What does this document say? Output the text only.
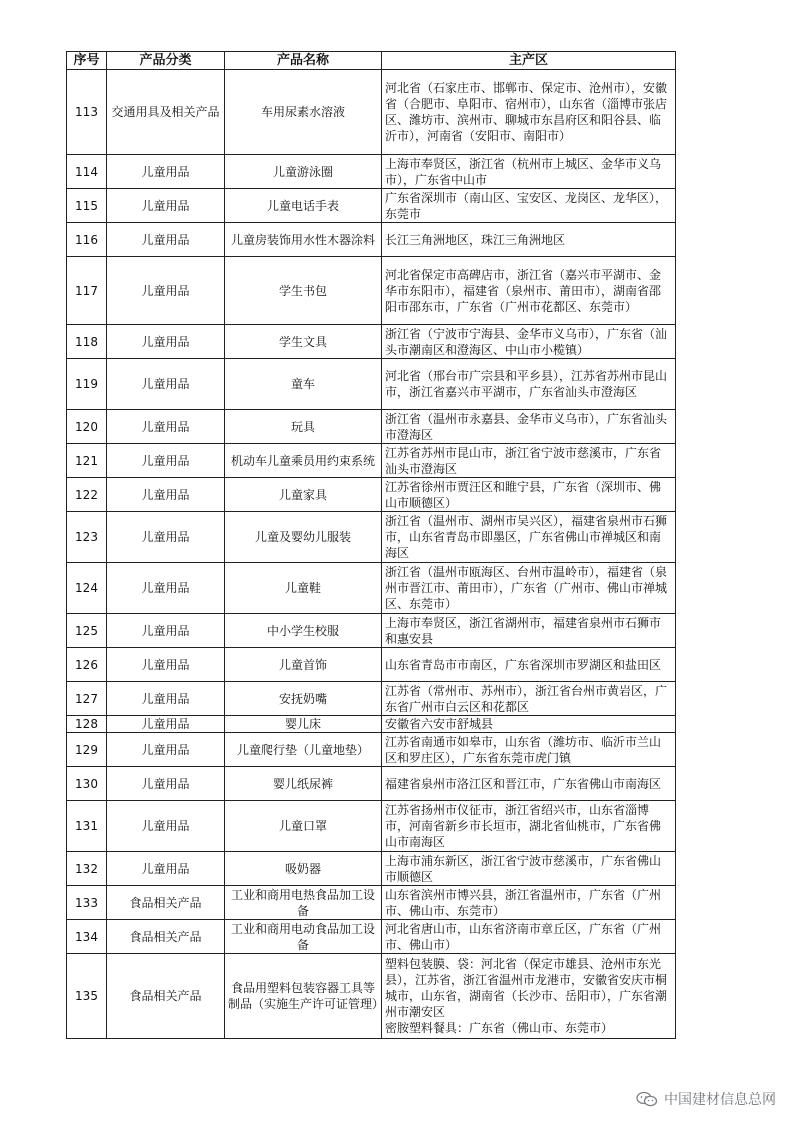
序号	产品分类	产品名称	主产区
113	交通用具及相关产品	车用尿素水溶液	河北省（石家庄市、邯郸市、保定市、沧州市），安徽省（合肥市、阜阳市、宿州市），山东省（淄博市张店区、潍坊市、滨州市、聊城市东昌府区和阳谷县、临沂市），河南省（安阳市、南阳市）
114	儿童用品	儿童游泳圈	上海市奉贤区，浙江省（杭州市上城区、金华市义乌市），广东省中山市
115	儿童用品	儿童电话手表	广东省深圳市（南山区、宝安区、龙岗区、龙华区），东莞市
116	儿童用品	儿童房装饰用水性木器涂料	长江三角洲地区，珠江三角洲地区
117	儿童用品	学生书包	河北省保定市高碑店市，浙江省（嘉兴市平湖市、金华市东阳市），福建省（泉州市、莆田市），湖南省邵阳市邵东市，广东省（广州市花都区、东莞市）
118	儿童用品	学生文具	浙江省（宁波市宁海县、金华市义乌市），广东省（汕头市潮南区和澄海区、中山市小榄镇）
119	儿童用品	童车	河北省（邢台市广宗县和平乡县），江苏省苏州市昆山市，浙江省嘉兴市平湖市，广东省汕头市澄海区
120	儿童用品	玩具	浙江省（温州市永嘉县、金华市义乌市），广东省汕头市澄海区
121	儿童用品	机动车儿童乘员用约束系统	江苏省苏州市昆山市，浙江省宁波市慈溪市，广东省汕头市澄海区
122	儿童用品	儿童家具	江苏省徐州市贾汪区和睢宁县，广东省（深圳市、佛山市顺德区）
123	儿童用品	儿童及婴幼儿服装	浙江省（温州市、湖州市吴兴区），福建省泉州市石狮市，山东省青岛市即墨区，广东省佛山市禅城区和南海区
124	儿童用品	儿童鞋	浙江省（温州市瓯海区、台州市温岭市），福建省（泉州市晋江市、莆田市），广东省（广州市、佛山市禅城区、东莞市）
125	儿童用品	中小学生校服	上海市奉贤区，浙江省湖州市，福建省泉州市石狮市和惠安县
126	儿童用品	儿童首饰	山东省青岛市市南区，广东省深圳市罗湖区和盐田区
127	儿童用品	安抚奶嘴	江苏省（常州市、苏州市），浙江省台州市黄岩区，广东省广州市白云区和花都区
128	儿童用品	婴儿床	安徽省六安市舒城县
129	儿童用品	儿童爬行垫（儿童地垫）	江苏省南通市如皋市，山东省（潍坊市、临沂市兰山区和罗庄区），广东省东莞市虎门镇
130	儿童用品	婴儿纸尿裤	福建省泉州市洛江区和晋江市，广东省佛山市南海区
131	儿童用品	儿童口罩	江苏省扬州市仪征市，浙江省绍兴市，山东省淄博市，河南省新乡市长垣市，湖北省仙桃市，广东省佛山市南海区
132	儿童用品	吸奶器	上海市浦东新区，浙江省宁波市慈溪市，广东省佛山市顺德区
133	食品相关产品	工业和商用电热食品加工设备	山东省滨州市博兴县，浙江省温州市，广东省（广州市、佛山市、东莞市）
134	食品相关产品	工业和商用电动食品加工设备	河北省唐山市，山东省济南市章丘区，广东省（广州市、佛山市）
135	食品相关产品	食品用塑料包装容器工具等制品（实施生产许可证管理）	塑料包装膜、袋：河北省（保定市雄县、沧州市东光县），江苏省，浙江省温州市龙港市，安徽省安庆市桐城市，山东省，湖南省（长沙市、岳阳市），广东省潮州市潮安区
密胺塑料餐具：广东省（佛山市、东莞市）
中国建材信息总网
